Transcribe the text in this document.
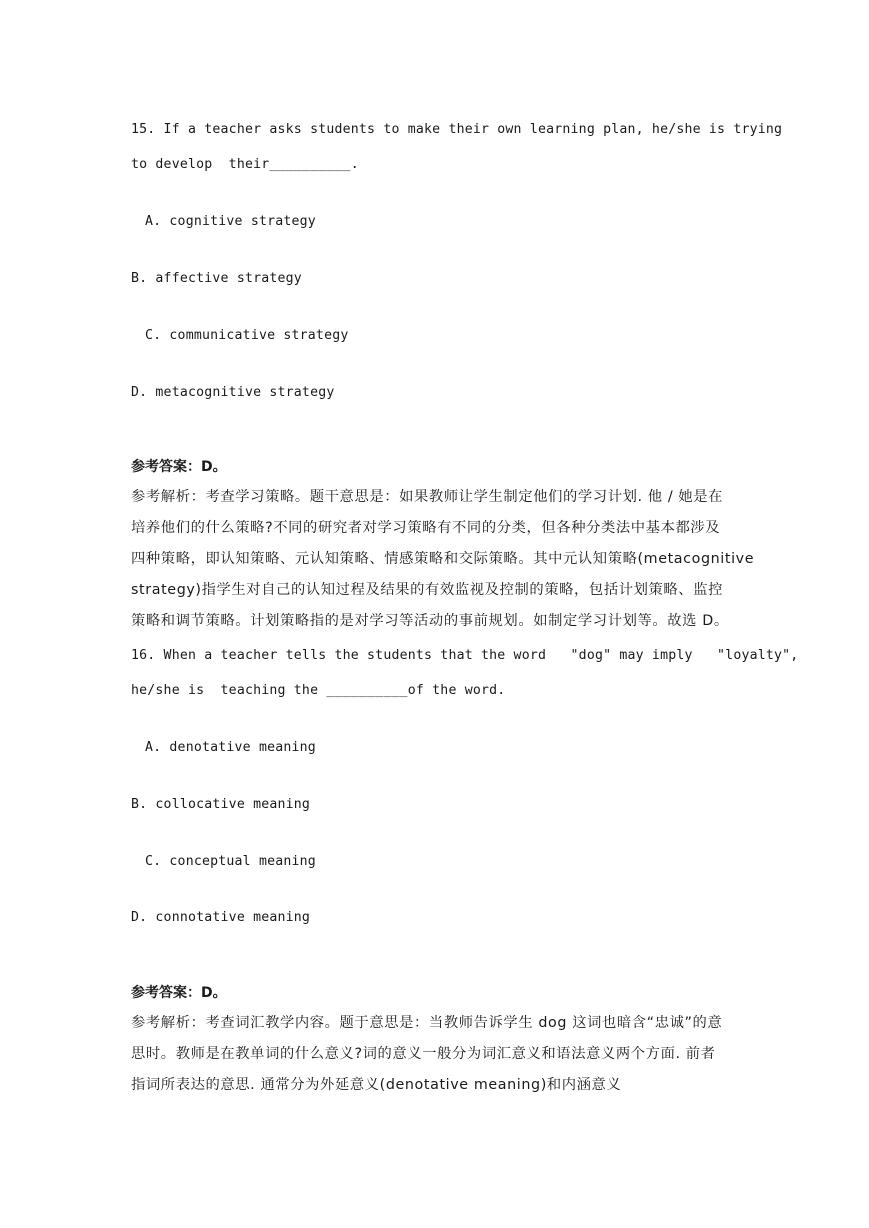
15. If a teacher asks students to make their own learning plan, he/she is trying
to develop  their__________.
A. cognitive strategy
B. affective strategy
C. communicative strategy
D. metacognitive strategy
参考答案：D。
参考解析：考查学习策略。题干意思是：如果教师让学生制定他们的学习计划. 他 / 她是在
培养他们的什么策略?不同的研究者对学习策略有不同的分类，但各种分类法中基本都涉及
四种策略，即认知策略、元认知策略、情感策略和交际策略。其中元认知策略(metacognitive
strategy)指学生对自己的认知过程及结果的有效监视及控制的策略，包括计划策略、监控
策略和调节策略。计划策略指的是对学习等活动的事前规划。如制定学习计划等。故选 D。
16. When a teacher tells the students that the word   "dog" may imply   "loyalty",
he/she is  teaching the __________of the word.
A. denotative meaning
B. collocative meaning
C. conceptual meaning
D. connotative meaning
参考答案：D。
参考解析：考查词汇教学内容。题于意思是：当教师告诉学生 dog 这词也暗含“忠诚”的意
思时。教师是在教单词的什么意义?词的意义一般分为词汇意义和语法意义两个方面. 前者
指词所表达的意思. 通常分为外延意义(denotative meaning)和内涵意义
